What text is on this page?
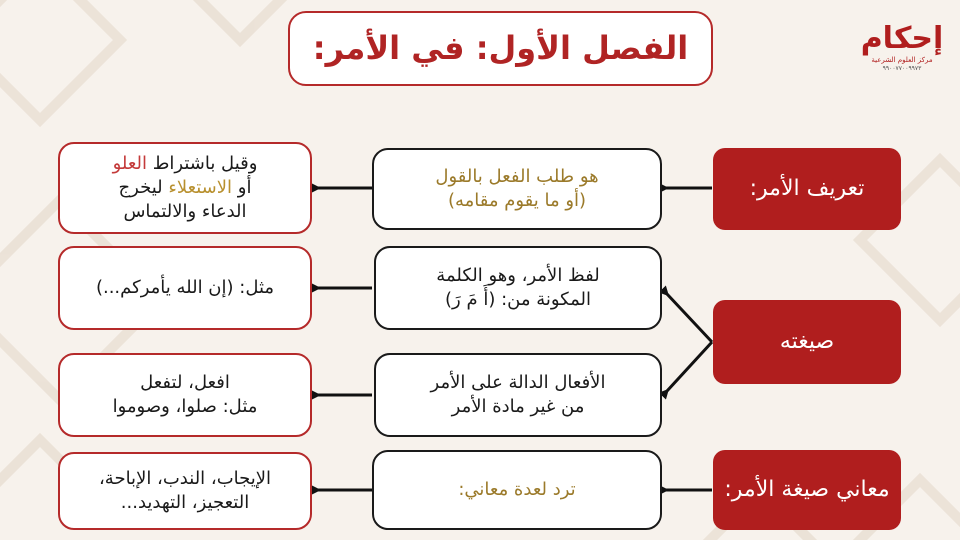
إحكام
مركز العلوم الشرعية
٩٩٠٠٧٧٠٠٩٩٧٣
الفصل الأول: في الأمر:
تعريف الأمر:
هو طلب الفعل بالقول
(أو ما يقوم مقامه)
وقيل باشتراط العلو
أو الاستعلاء ليخرج
الدعاء والالتماس
صيغته
لفظ الأمر، وهو الكلمة
المكونة من: (أَ مَ رَ)
مثل: (إن الله يأمركم...)
الأفعال الدالة على الأمر
من غير مادة الأمر
افعل، لتفعل
مثل: صلوا، وصوموا
معاني صيغة الأمر:
ترد لعدة معاني:
الإيجاب، الندب، الإباحة،
التعجيز، التهديد...
